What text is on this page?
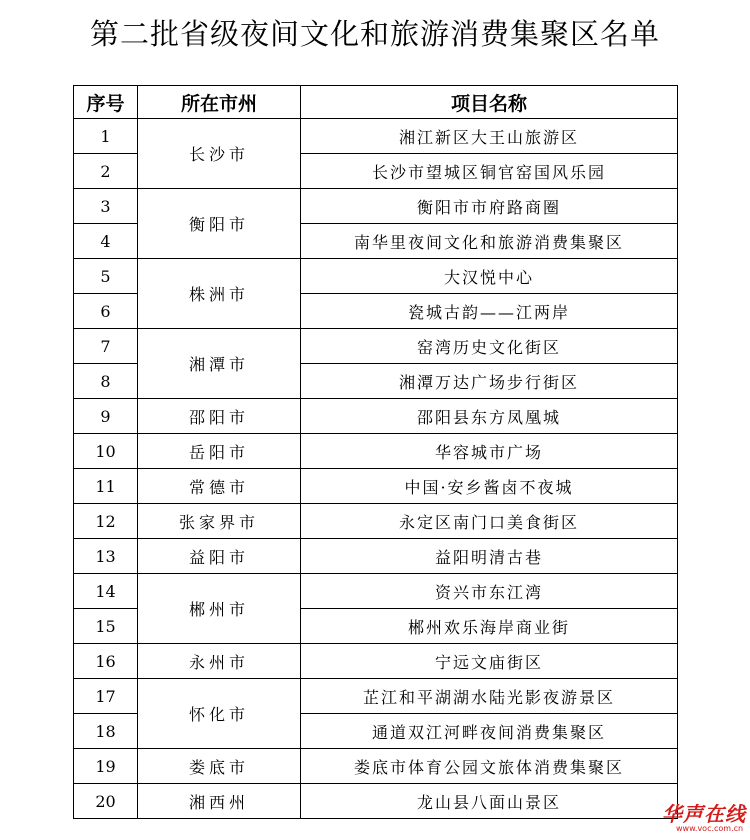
第二批省级夜间文化和旅游消费集聚区名单
序号	所在市州	项目名称
1	长沙市	湘江新区大王山旅游区
2		长沙市望城区铜官窑国风乐园
3	衡阳市	衡阳市市府路商圈
4		南华里夜间文化和旅游消费集聚区
5	株洲市	大汉悦中心
6		瓷城古韵——江两岸
7	湘潭市	窑湾历史文化街区
8		湘潭万达广场步行街区
9	邵阳市	邵阳县东方凤凰城
10	岳阳市	华容城市广场
11	常德市	中国·安乡酱卤不夜城
12	张家界市	永定区南门口美食街区
13	益阳市	益阳明清古巷
14	郴州市	资兴市东江湾
15		郴州欢乐海岸商业街
16	永州市	宁远文庙街区
17	怀化市	芷江和平湖湖水陆光影夜游景区
18		通道双江河畔夜间消费集聚区
19	娄底市	娄底市体育公园文旅体消费集聚区
20	湘西州	龙山县八面山景区	华声在线
www.voc.com.cn
